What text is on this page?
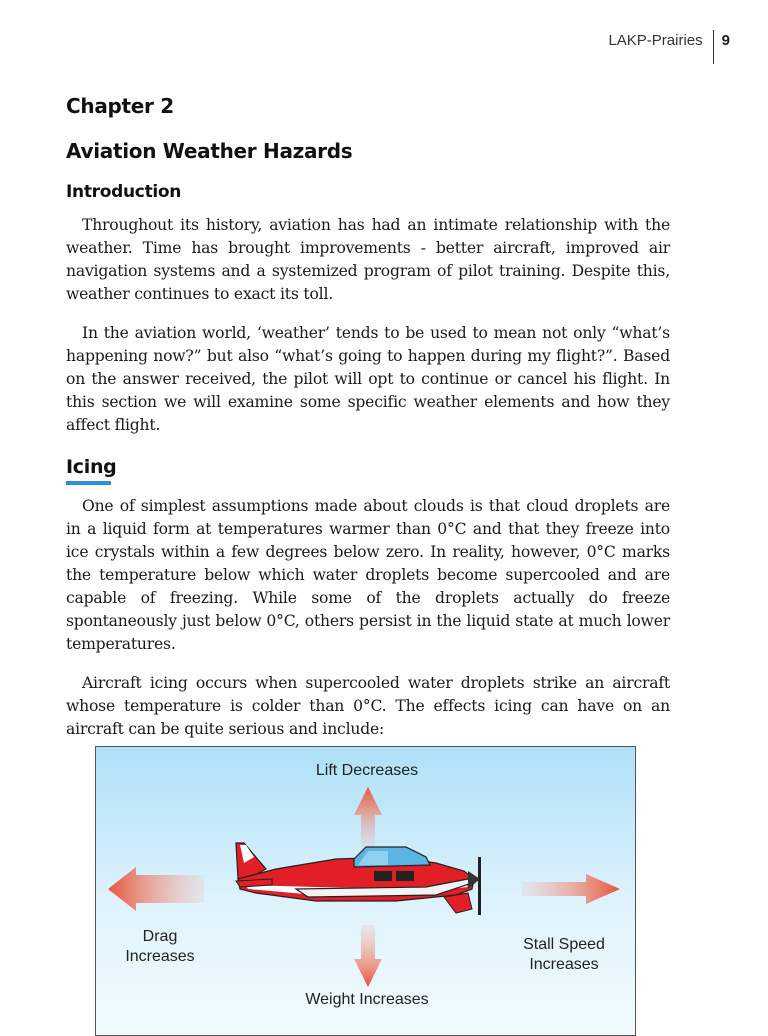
LAKP-Prairies	9
Chapter 2
Aviation Weather Hazards
Introduction

Throughout its history, aviation has had an intimate relationship with the weather. Time has brought improvements - better aircraft, improved air navigation systems and a systemized program of pilot training. Despite this, weather continues to exact its toll.

In the aviation world, ‘weather’ tends to be used to mean not only “what’s happening now?” but also “what’s going to happen during my flight?”. Based on the answer received, the pilot will opt to continue or cancel his flight. In this section we will examine some specific weather elements and how they affect flight.

Icing

One of simplest assumptions made about clouds is that cloud droplets are in a liquid form at temperatures warmer than 0°C and that they freeze into ice crystals within a few degrees below zero. In reality, however, 0°C marks the temperature below which water droplets become supercooled and are capable of freezing. While some of the droplets actually do freeze spontaneously just below 0°C, others persist in the liquid state at much lower temperatures.

Aircraft icing occurs when supercooled water droplets strike an aircraft whose temperature is colder than 0°C. The effects icing can have on an aircraft can be quite serious and include:

Lift Decreases
Drag Increases
Stall Speed Increases
Weight Increases
